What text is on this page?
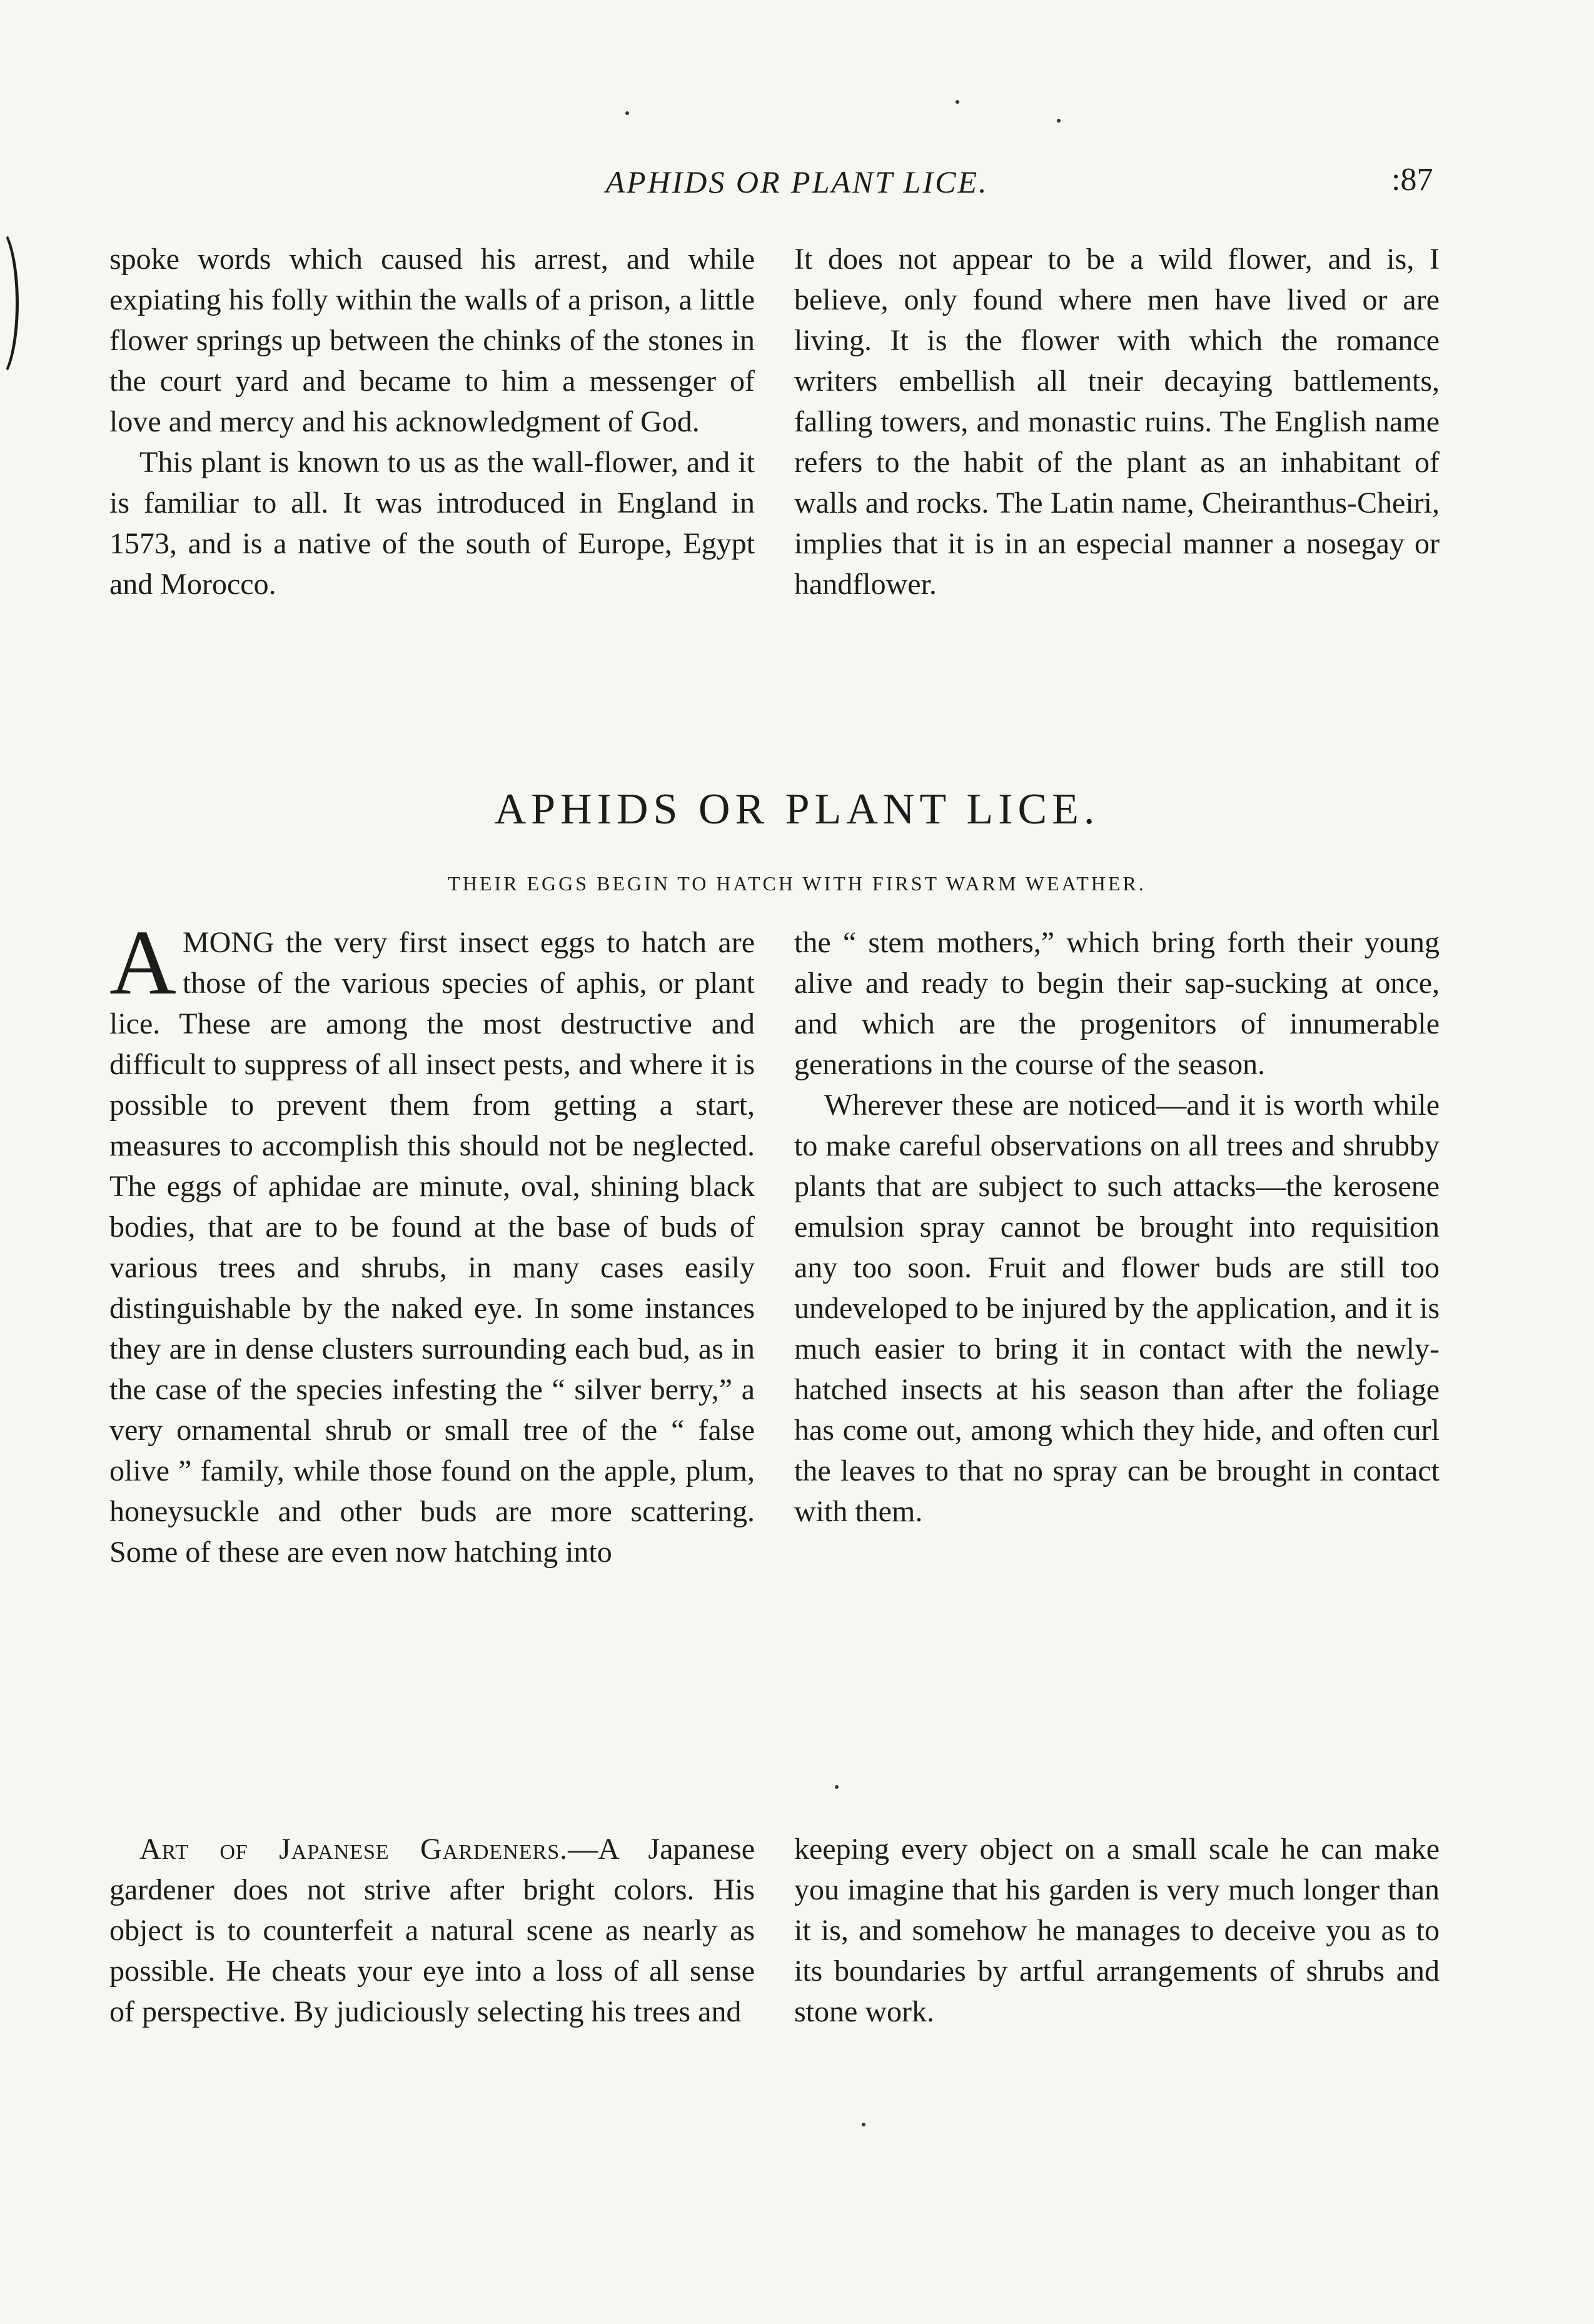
APHIDS OR PLANT LICE.	:87

spoke words which caused his arrest, and while expiating his folly within the walls of a prison, a little flower springs up between the chinks of the stones in the court yard and became to him a messenger of love and mercy and his acknowledgment of God.

This plant is known to us as the wall-flower, and it is familiar to all. It was introduced in England in 1573, and is a native of the south of Europe, Egypt and Morocco.

It does not appear to be a wild flower, and is, I believe, only found where men have lived or are living. It is the flower with which the romance writers embellish all tneir decaying battlements, falling towers, and monastic ruins. The English name refers to the habit of the plant as an inhabitant of walls and rocks. The Latin name, Cheiranthus-Cheiri, implies that it is in an especial manner a nosegay or handflower.

APHIDS OR PLANT LICE.
THEIR EGGS BEGIN TO HATCH WITH FIRST WARM WEATHER.

AMONG the very first insect eggs to hatch are those of the various species of aphis, or plant lice. These are among the most destructive and difficult to suppress of all insect pests, and where it is possible to prevent them from getting a start, measures to accomplish this should not be neglected. The eggs of aphidae are minute, oval, shining black bodies, that are to be found at the base of buds of various trees and shrubs, in many cases easily distinguishable by the naked eye. In some instances they are in dense clusters surrounding each bud, as in the case of the species infesting the “ silver berry,” a very ornamental shrub or small tree of the “ false olive ” family, while those found on the apple, plum, honeysuckle and other buds are more scattering. Some of these are even now hatching into

the “ stem mothers,” which bring forth their young alive and ready to begin their sap-sucking at once, and which are the progenitors of innumerable generations in the course of the season.

Wherever these are noticed—and it is worth while to make careful observations on all trees and shrubby plants that are subject to such attacks—the kerosene emulsion spray cannot be brought into requisition any too soon. Fruit and flower buds are still too undeveloped to be injured by the application, and it is much easier to bring it in contact with the newly-hatched insects at his season than after the foliage has come out, among which they hide, and often curl the leaves to that no spray can be brought in contact with them.

Art of Japanese Gardeners.—A Japanese gardener does not strive after bright colors. His object is to counterfeit a natural scene as nearly as possible. He cheats your eye into a loss of all sense of perspective. By judiciously selecting his trees and

keeping every object on a small scale he can make you imagine that his garden is very much longer than it is, and somehow he manages to deceive you as to its boundaries by artful arrangements of shrubs and stone work.
